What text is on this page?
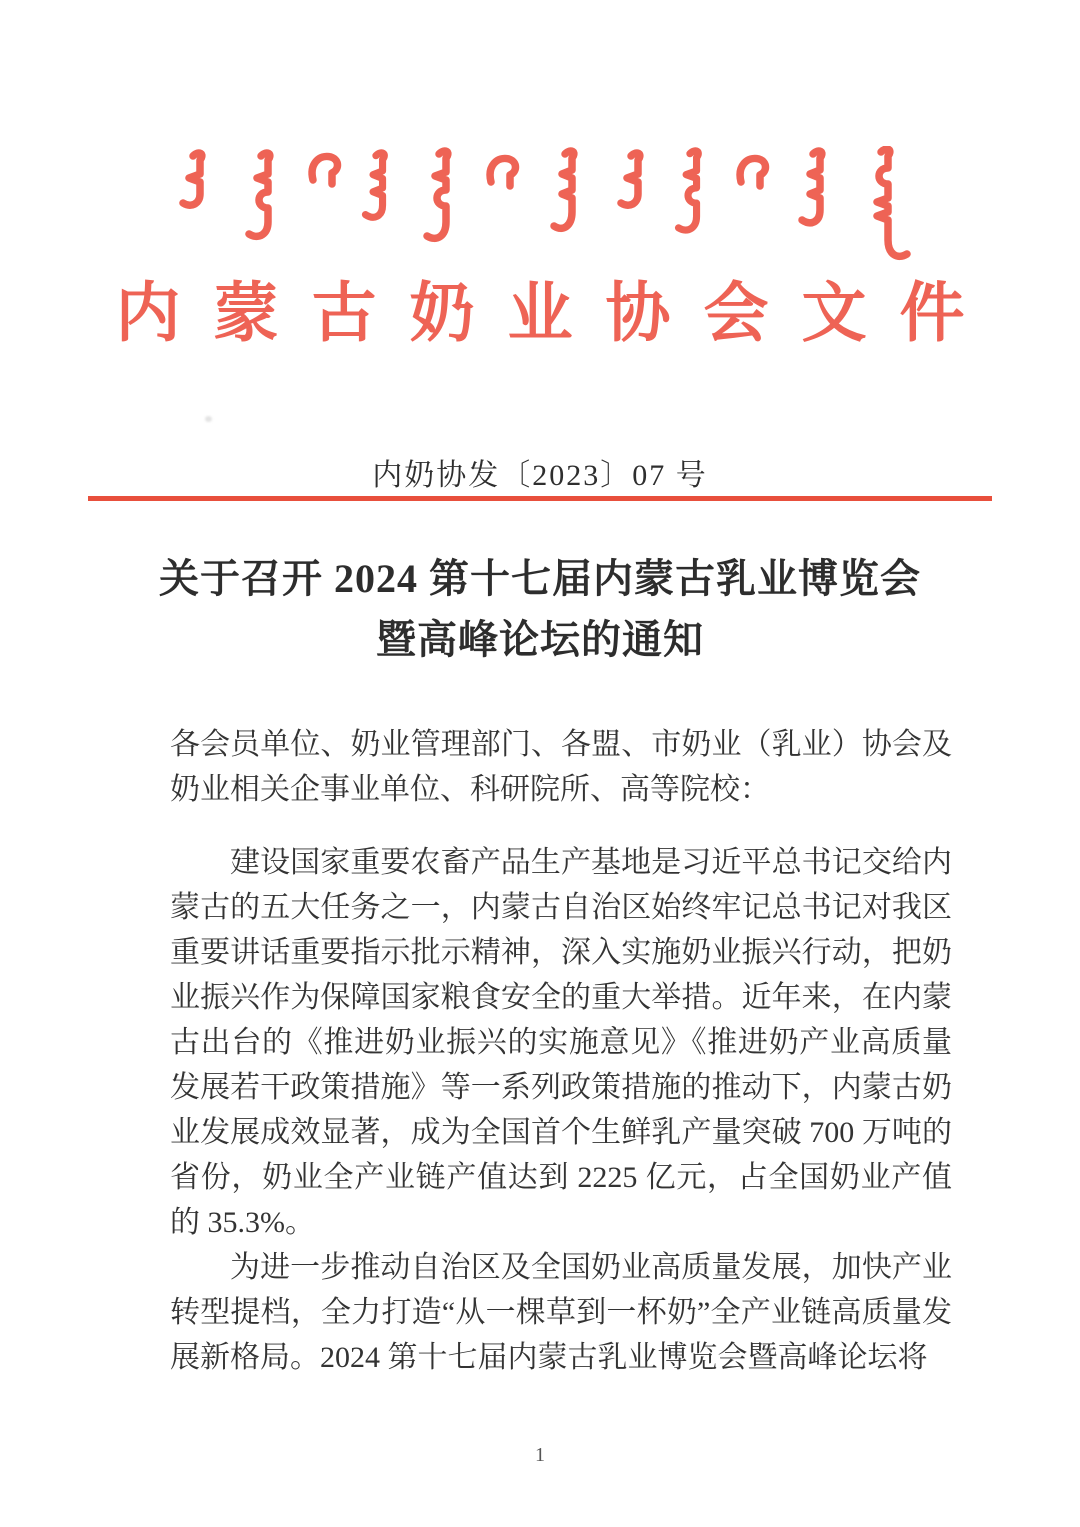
内蒙古奶业协会文件
内奶协发〔2023〕07 号
关于召开 2024 第十七届内蒙古乳业博览会
暨高峰论坛的通知

各会员单位、奶业管理部门、各盟、市奶业（乳业）协会及奶业相关企事业单位、科研院所、高等院校：

建设国家重要农畜产品生产基地是习近平总书记交给内蒙古的五大任务之一，内蒙古自治区始终牢记总书记对我区重要讲话重要指示批示精神，深入实施奶业振兴行动，把奶业振兴作为保障国家粮食安全的重大举措。近年来，在内蒙古出台的《推进奶业振兴的实施意见》《推进奶产业高质量发展若干政策措施》等一系列政策措施的推动下，内蒙古奶业发展成效显著，成为全国首个生鲜乳产量突破 700 万吨的省份，奶业全产业链产值达到 2225 亿元，占全国奶业产值的 35.3%。

为进一步推动自治区及全国奶业高质量发展，加快产业转型提档，全力打造“从一棵草到一杯奶”全产业链高质量发展新格局。2024 第十七届内蒙古乳业博览会暨高峰论坛将

1
